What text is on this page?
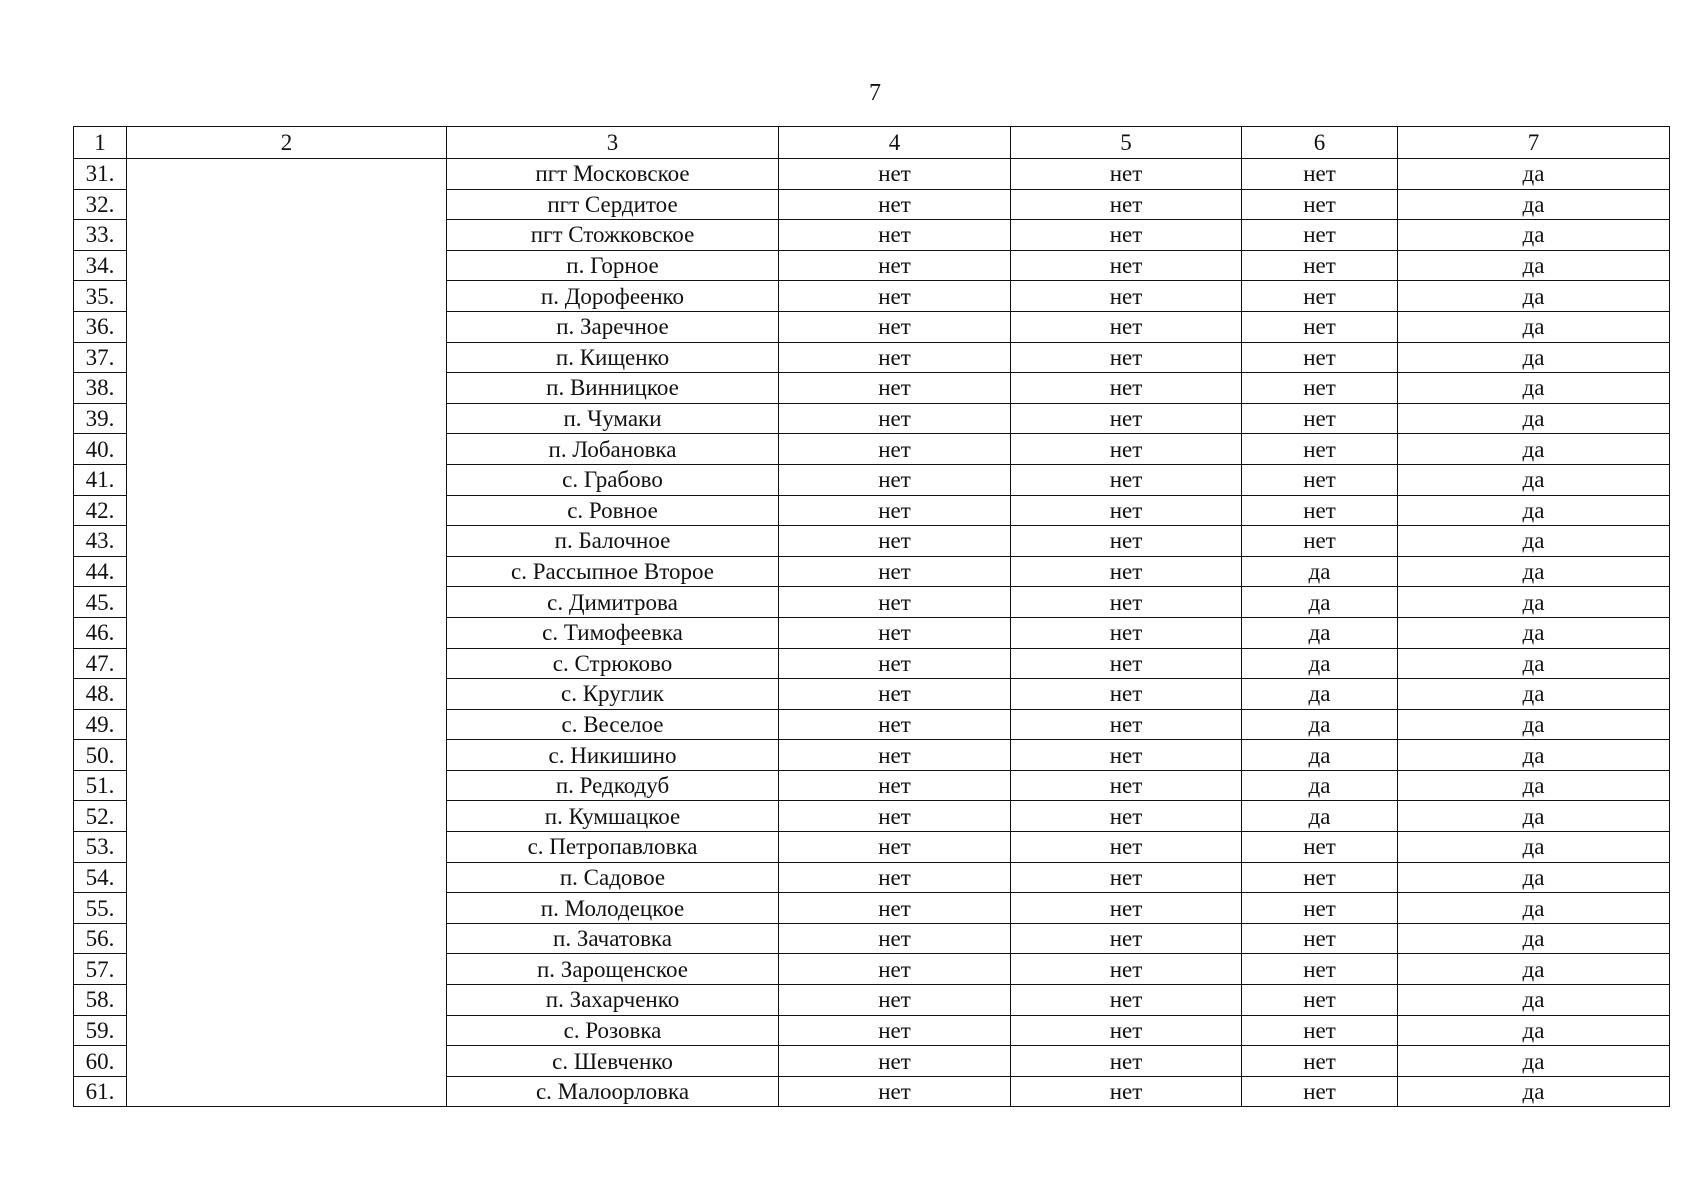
7
1	2	3	4	5	6	7
31.		пгт Московское	нет	нет	нет	да
32.		пгт Сердитое	нет	нет	нет	да
33.		пгт Стожковское	нет	нет	нет	да
34.		п. Горное	нет	нет	нет	да
35.		п. Дорофеенко	нет	нет	нет	да
36.		п. Заречное	нет	нет	нет	да
37.		п. Кищенко	нет	нет	нет	да
38.		п. Винницкое	нет	нет	нет	да
39.		п. Чумаки	нет	нет	нет	да
40.		п. Лобановка	нет	нет	нет	да
41.		с. Грабово	нет	нет	нет	да
42.		с. Ровное	нет	нет	нет	да
43.		п. Балочное	нет	нет	нет	да
44.		с. Рассыпное Второе	нет	нет	да	да
45.		с. Димитрова	нет	нет	да	да
46.		с. Тимофеевка	нет	нет	да	да
47.		с. Стрюково	нет	нет	да	да
48.		с. Круглик	нет	нет	да	да
49.		с. Веселое	нет	нет	да	да
50.		с. Никишино	нет	нет	да	да
51.		п. Редкодуб	нет	нет	да	да
52.		п. Кумшацкое	нет	нет	да	да
53.		с. Петропавловка	нет	нет	нет	да
54.		п. Садовое	нет	нет	нет	да
55.		п. Молодецкое	нет	нет	нет	да
56.		п. Зачатовка	нет	нет	нет	да
57.		п. Зарощенское	нет	нет	нет	да
58.		п. Захарченко	нет	нет	нет	да
59.		с. Розовка	нет	нет	нет	да
60.		с. Шевченко	нет	нет	нет	да
61.		с. Малоорловка	нет	нет	нет	да
